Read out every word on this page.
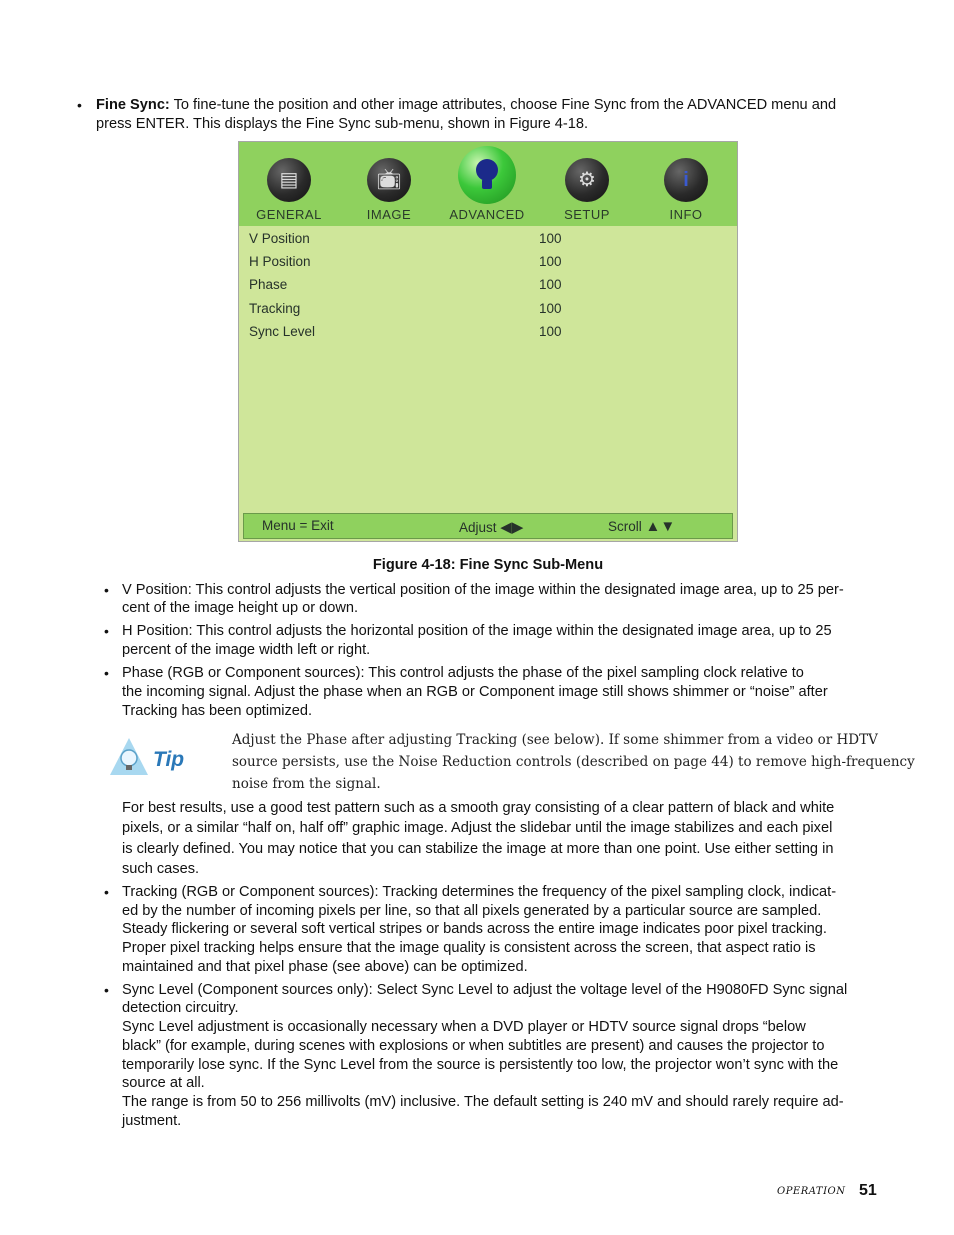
• Fine Sync: To fine-tune the position and other image attributes, choose Fine Sync from the ADVANCED menu and
press ENTER. This displays the Fine Sync sub-menu, shown in Figure 4-18.
▤
GENERAL
📺︎
IMAGE	ADVANCED
⚙
SETUP
i
INFO
V Position	100
H Position	100
Phase	100
Tracking	100
Sync Level	100
Menu = Exit	Adjust ◀▶	Scroll ▲▼
Figure 4-18: Fine Sync Sub-Menu
• V Position: This control adjusts the vertical position of the image within the designated image area, up to 25 per-
cent of the image height up or down.
• H Position: This control adjusts the horizontal position of the image within the designated image area, up to 25
percent of the image width left or right.
• Phase (RGB or Component sources): This control adjusts the phase of the pixel sampling clock relative to
the incoming signal. Adjust the phase when an RGB or Component image still shows shimmer or “noise” after
Tracking has been optimized.
Tip
Adjust the Phase after adjusting Tracking (see below). If some shimmer from a video or HDTV
source persists, use the Noise Reduction controls (described on page 44) to remove high-frequency
noise from the signal.
For best results, use a good test pattern such as a smooth gray consisting of a clear pattern of black and white
pixels, or a similar “half on, half off” graphic image. Adjust the slidebar until the image stabilizes and each pixel
is clearly defined. You may notice that you can stabilize the image at more than one point. Use either setting in
such cases.
• Tracking (RGB or Component sources): Tracking determines the frequency of the pixel sampling clock, indicat-
ed by the number of incoming pixels per line, so that all pixels generated by a particular source are sampled.
Steady flickering or several soft vertical stripes or bands across the entire image indicates poor pixel tracking.
Proper pixel tracking helps ensure that the image quality is consistent across the screen, that aspect ratio is
maintained and that pixel phase (see above) can be optimized.
• Sync Level (Component sources only): Select Sync Level to adjust the voltage level of the H9080FD Sync signal
detection circuitry.
Sync Level adjustment is occasionally necessary when a DVD player or HDTV source signal drops “below
black” (for example, during scenes with explosions or when subtitles are present) and causes the projector to
temporarily lose sync. If the Sync Level from the source is persistently too low, the projector won’t sync with the
source at all.
The range is from 50 to 256 millivolts (mV) inclusive. The default setting is 240 mV and should rarely require ad-
justment.
OPERATION 51
